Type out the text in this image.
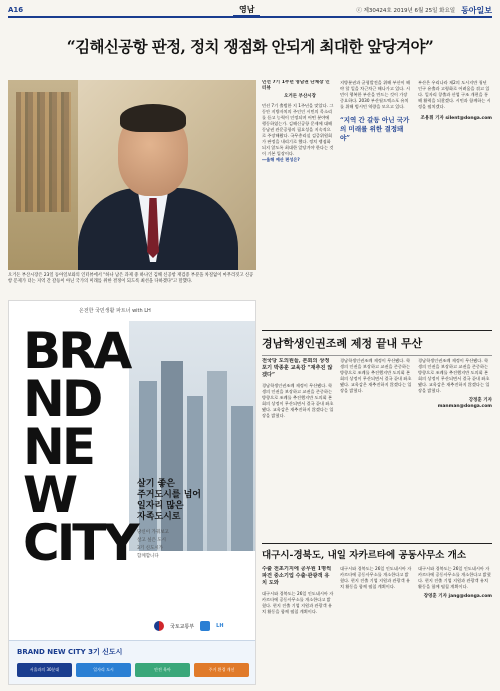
A16	영남	ⓒ 제30424호 2019년 6월 25일 화요일 동아일보
“김해신공항 판정, 정치 쟁점화 안되게 최대한 앞당겨야”
오거돈 부산시장은 23일 동아일보와의 인터뷰에서 "하나 남은 과제 중 하나인 김해 신공항 재검증 부분을 차질없이 마무리짓고 신공항 문제가 더는 지역 간 갈등이 아닌 국가의 미래를 위한 결정이 되도록 최선을 다하겠다"고 말했다.
민선 7기 1주년 영남권 단체장 인터뷰
오거돈 부산시장
민선 7기 출범한 지 1주년을 맞았다. 그동안 지방자치의 주인인 시민의 목소리를 듣고 능력이 인정되며 어떤 분야에 행동하였는가. 김해신공항 문제에 대해 동남권 관문공항의 필요성을 지속적으로 주장해왔다. 국무총리실 검증위원회가 판정을 내리기로 했다. 정치 쟁점화되지 않도록 최대한 앞당겨야 한다는 것이 기본 입장이다.
―올해 예산 편성은?
지방분권과 균형발전을 위해 부산이 해야 할 일을 차근차근 해나가고 있다. 시민이 행복한 부산을 만드는 것이 가장 중요하다. 2030 부산월드엑스포 유치를 위해 범시민 역량을 모으고 있다.
“지역 간 갈등 아닌 국가의 미래를 위한 결정돼야”
부산은 우리나라 제2의 도시지만 청년 인구 유출과 고령화로 어려움을 겪고 있다. 일자리 창출과 산업 구조 개편을 통해 활력을 되찾겠다. 시민과 함께하는 시정을 펼치겠다.
조용휘 기자 silent@donga.com
온전한 국민생활 파트너 with LH
BRAND NEW CITY
살기 좋은
주거도시를 넘어
일자리 많은
자족도시로
당신이 가꿔보고
살고 싶은 도시
3기 신도시가
함께합니다
국토교통부	LH
BRAND NEW CITY 3기 신도시
서울과의 30분대	일자리 도시	안전 육아	주거 환경 개선
경남학생인권조례 제정 끝내 무산
전국당 도의원들, 본회의 상정 포기 박종훈 교육감 “재추진 않겠다”
경남학생인권조례 제정이 무산됐다. 학생의 인권을 보장하고 교권을 존중하는 방향으로 조례를 추진했지만 도의회 본회의 상정이 무산되면서 결국 끝내 좌초됐다. 교육감은 재추진하지 않겠다는 입장을 밝혔다.
경남학생인권조례 제정이 무산됐다. 학생의 인권을 보장하고 교권을 존중하는 방향으로 조례를 추진했지만 도의회 본회의 상정이 무산되면서 결국 끝내 좌초됐다. 교육감은 재추진하지 않겠다는 입장을 밝혔다.
경남학생인권조례 제정이 무산됐다. 학생의 인권을 보장하고 교권을 존중하는 방향으로 조례를 추진했지만 도의회 본회의 상정이 무산되면서 결국 끝내 좌초됐다. 교육감은 재추진하지 않겠다는 입장을 밝혔다.
강정훈 기자 manman@donga.com
대구시-경북도, 내일 자카르타에 공동사무소 개소
수출 전초기지에 공무원 1명씩 파견 중소기업 수출·관광객 유치 도와
대구시와 경북도는 26일 인도네시아 자카르타에 공동사무소를 개소한다고 밝혔다. 현지 진출 기업 지원과 관광객 유치 활동을 함께 펼칠 계획이다.
대구시와 경북도는 26일 인도네시아 자카르타에 공동사무소를 개소한다고 밝혔다. 현지 진출 기업 지원과 관광객 유치 활동을 함께 펼칠 계획이다.
대구시와 경북도는 26일 인도네시아 자카르타에 공동사무소를 개소한다고 밝혔다. 현지 진출 기업 지원과 관광객 유치 활동을 함께 펼칠 계획이다.
장영훈 기자 jang@donga.com
